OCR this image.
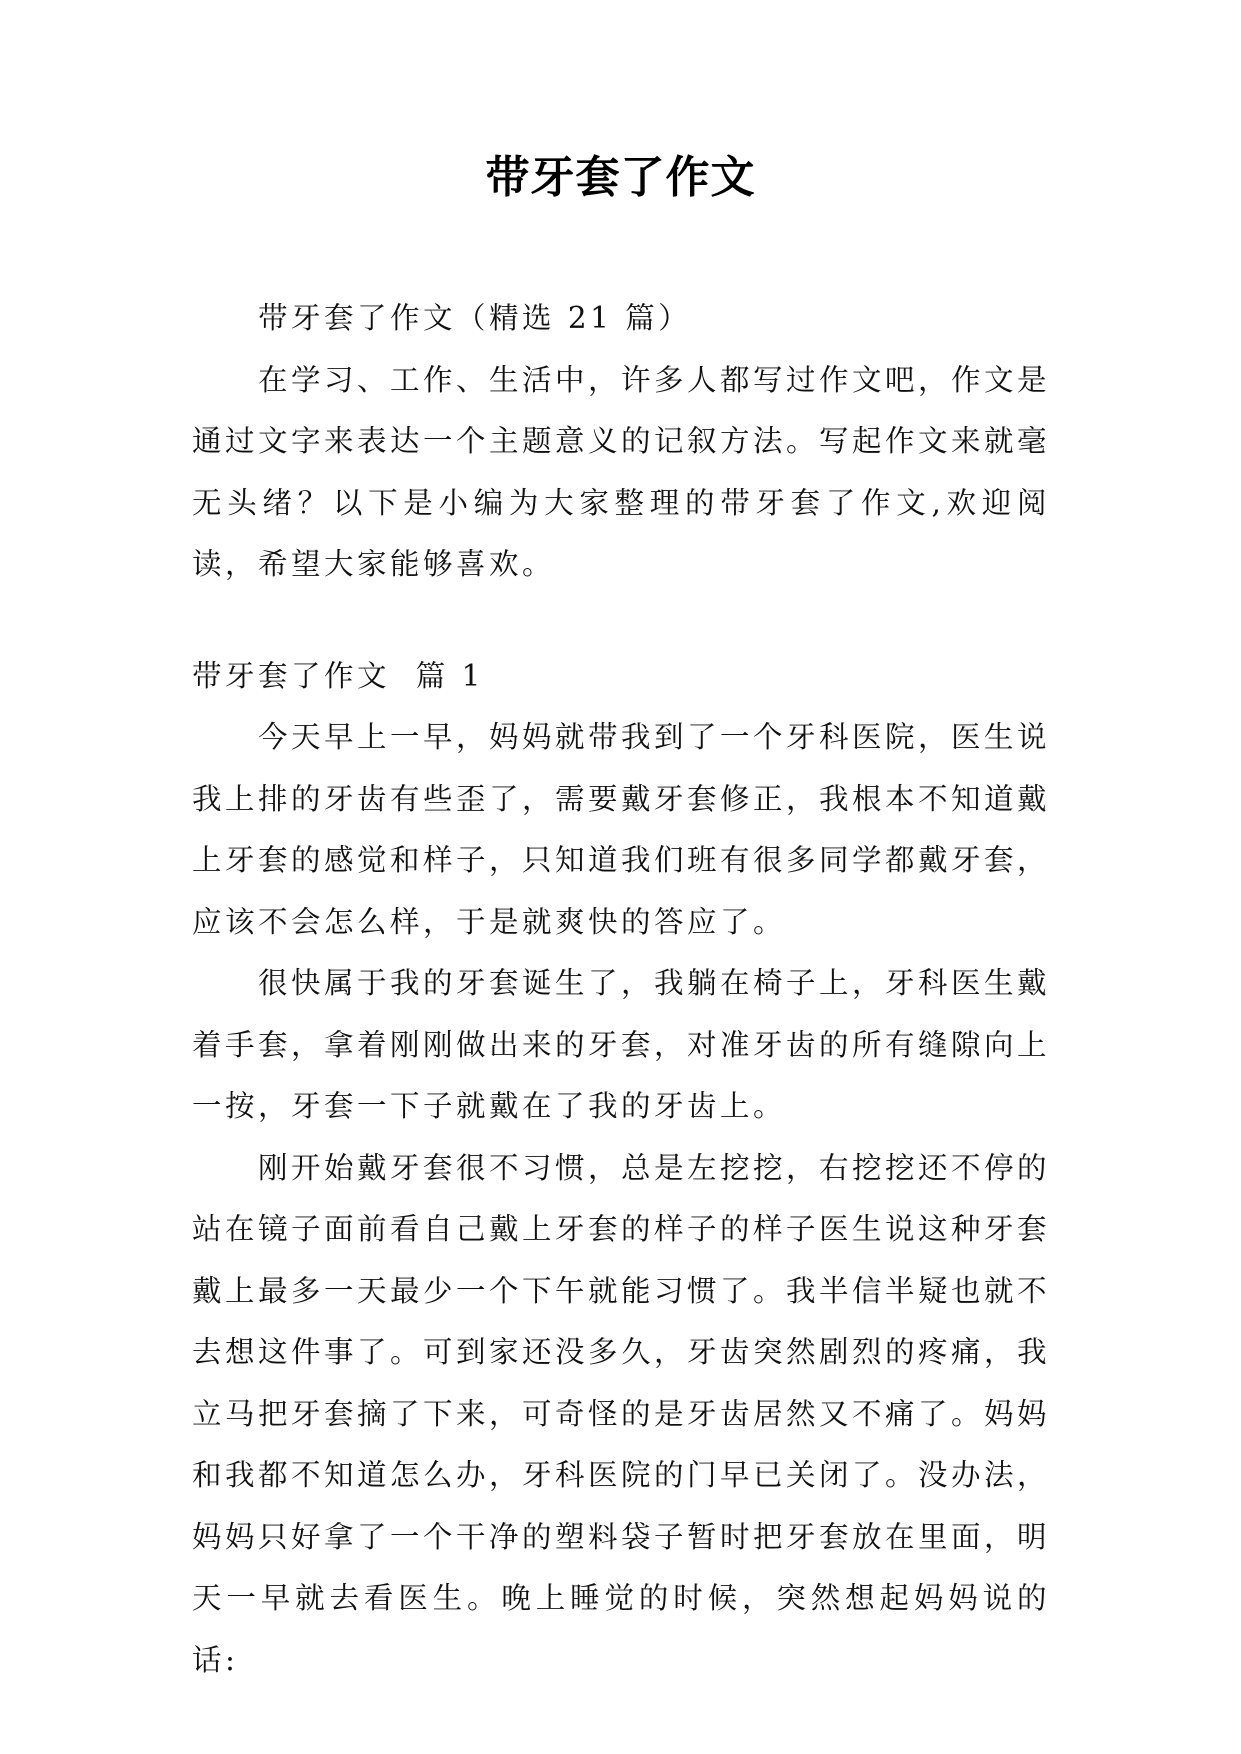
带牙套了作文

带牙套了作文（精选 21 篇）

在学习、工作、生活中，许多人都写过作文吧，作文是通过文字来表达一个主题意义的记叙方法。写起作文来就毫无头绪？以下是小编为大家整理的带牙套了作文,欢迎阅读，希望大家能够喜欢。

带牙套了作文  篇 1

今天早上一早，妈妈就带我到了一个牙科医院，医生说我上排的牙齿有些歪了，需要戴牙套修正，我根本不知道戴上牙套的感觉和样子，只知道我们班有很多同学都戴牙套，应该不会怎么样，于是就爽快的答应了。

很快属于我的牙套诞生了，我躺在椅子上，牙科医生戴着手套，拿着刚刚做出来的牙套，对准牙齿的所有缝隙向上一按，牙套一下子就戴在了我的牙齿上。

刚开始戴牙套很不习惯，总是左挖挖，右挖挖还不停的站在镜子面前看自己戴上牙套的样子的样子医生说这种牙套戴上最多一天最少一个下午就能习惯了。我半信半疑也就不去想这件事了。可到家还没多久，牙齿突然剧烈的疼痛，我立马把牙套摘了下来，可奇怪的是牙齿居然又不痛了。妈妈和我都不知道怎么办，牙科医院的门早已关闭了。没办法，妈妈只好拿了一个干净的塑料袋子暂时把牙套放在里面，明天一早就去看医生。晚上睡觉的时候，突然想起妈妈说的话:
